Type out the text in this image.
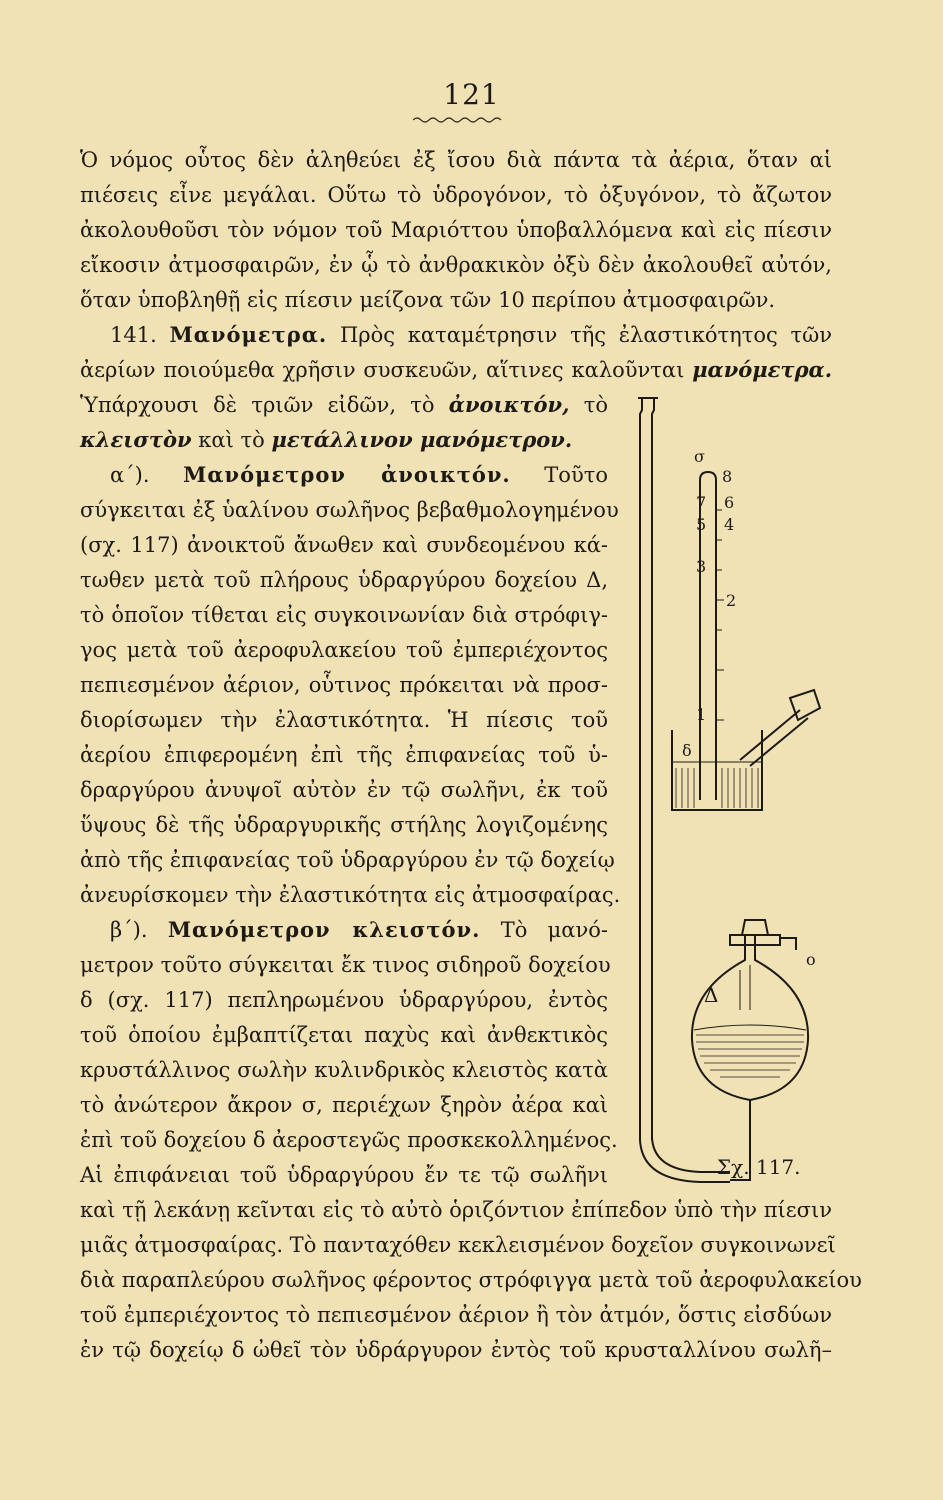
121
Ὁ νόμος οὗτος δὲν ἀληθεύει ἐξ ἴσου διὰ πάντα τὰ ἀέρια, ὅταν αἱ
πιέσεις εἶνε μεγάλαι. Οὕτω τὸ ὑδρογόνον, τὸ ὀξυγόνον, τὸ ἄζωτον
ἀκολουθοῦσι τὸν νόμον τοῦ Μαριόττου ὑποβαλλόμενα καὶ εἰς πίεσιν
εἴκοσιν ἀτμοσφαιρῶν, ἐν ᾧ τὸ ἀνθρακικὸν ὀξὺ δὲν ἀκολουθεῖ αὐτόν,
ὅταν ὑποβληθῇ εἰς πίεσιν μείζονα τῶν 10 περίπου ἀτμοσφαιρῶν.
141. Μανόμετρα. Πρὸς καταμέτρησιν τῆς ἐλαστικότητος τῶν
ἀερίων ποιούμεθα χρῆσιν συσκευῶν, αἵτινες καλοῦνται μανόμετρα.
Ὑπάρχουσι δὲ τριῶν εἰδῶν, τὸ ἀνοικτόν, τὸ
κλειστὸν καὶ τὸ μετάλλινον μανόμετρον.
α΄). Μανόμετρον ἀνοικτόν. Τοῦτο
σύγκειται ἐξ ὑαλίνου σωλῆνος βεβαθμολογημένου
(σχ. 117) ἀνοικτοῦ ἄνωθεν καὶ συνδεομένου κά-
τωθεν μετὰ τοῦ πλήρους ὑδραργύρου δοχείου Δ,
τὸ ὁποῖον τίθεται εἰς συγκοινωνίαν διὰ στρόφιγ-
γος μετὰ τοῦ ἀεροφυλακείου τοῦ ἐμπεριέχοντος
πεπιεσμένον ἀέριον, οὗτινος πρόκειται νὰ προσ-
διορίσωμεν τὴν ἐλαστικότητα. Ἡ πίεσις τοῦ
ἀερίου ἐπιφερομένη ἐπὶ τῆς ἐπιφανείας τοῦ ὑ-
δραργύρου ἀνυψοῖ αὐτὸν ἐν τῷ σωλῆνι, ἐκ τοῦ
ὕψους δὲ τῆς ὑδραργυρικῆς στήλης λογιζομένης
ἀπὸ τῆς ἐπιφανείας τοῦ ὑδραργύρου ἐν τῷ δοχείῳ
ἀνευρίσκομεν τὴν ἐλαστικότητα εἰς ἀτμοσφαίρας.
β΄). Μανόμετρον κλειστόν. Τὸ μανό-
μετρον τοῦτο σύγκειται ἔκ τινος σιδηροῦ δοχείου
δ (σχ. 117) πεπληρωμένου ὑδραργύρου, ἐντὸς
τοῦ ὁποίου ἐμβαπτίζεται παχὺς καὶ ἀνθεκτικὸς
κρυστάλλινος σωλὴν κυλινδρικὸς κλειστὸς κατὰ
τὸ ἀνώτερον ἄκρον σ, περιέχων ξηρὸν ἀέρα καὶ
ἐπὶ τοῦ δοχείου δ ἀεροστεγῶς προσκεκολλημένος.
Αἱ ἐπιφάνειαι τοῦ ὑδραργύρου ἔν τε τῷ σωλῆνι
καὶ τῇ λεκάνῃ κεῖνται εἰς τὸ αὐτὸ ὁριζόντιον ἐπίπεδον ὑπὸ τὴν πίεσιν
μιᾶς ἀτμοσφαίρας. Τὸ πανταχόθεν κεκλεισμένον δοχεῖον συγκοινωνεῖ
διὰ παραπλεύρου σωλῆνος φέροντος στρόφιγγα μετὰ τοῦ ἀεροφυλακείου
τοῦ ἐμπεριέχοντος τὸ πεπιεσμένον ἀέριον ἢ τὸν ἀτμόν, ὅστις εἰσδύων
ἐν τῷ δοχείῳ δ ὠθεῖ τὸν ὑδράργυρον ἐντὸς τοῦ κρυσταλλίνου σωλῆ–
σ
8
7 6
5 4
3
2
1
δ
Δ
o
Σχ. 117.
